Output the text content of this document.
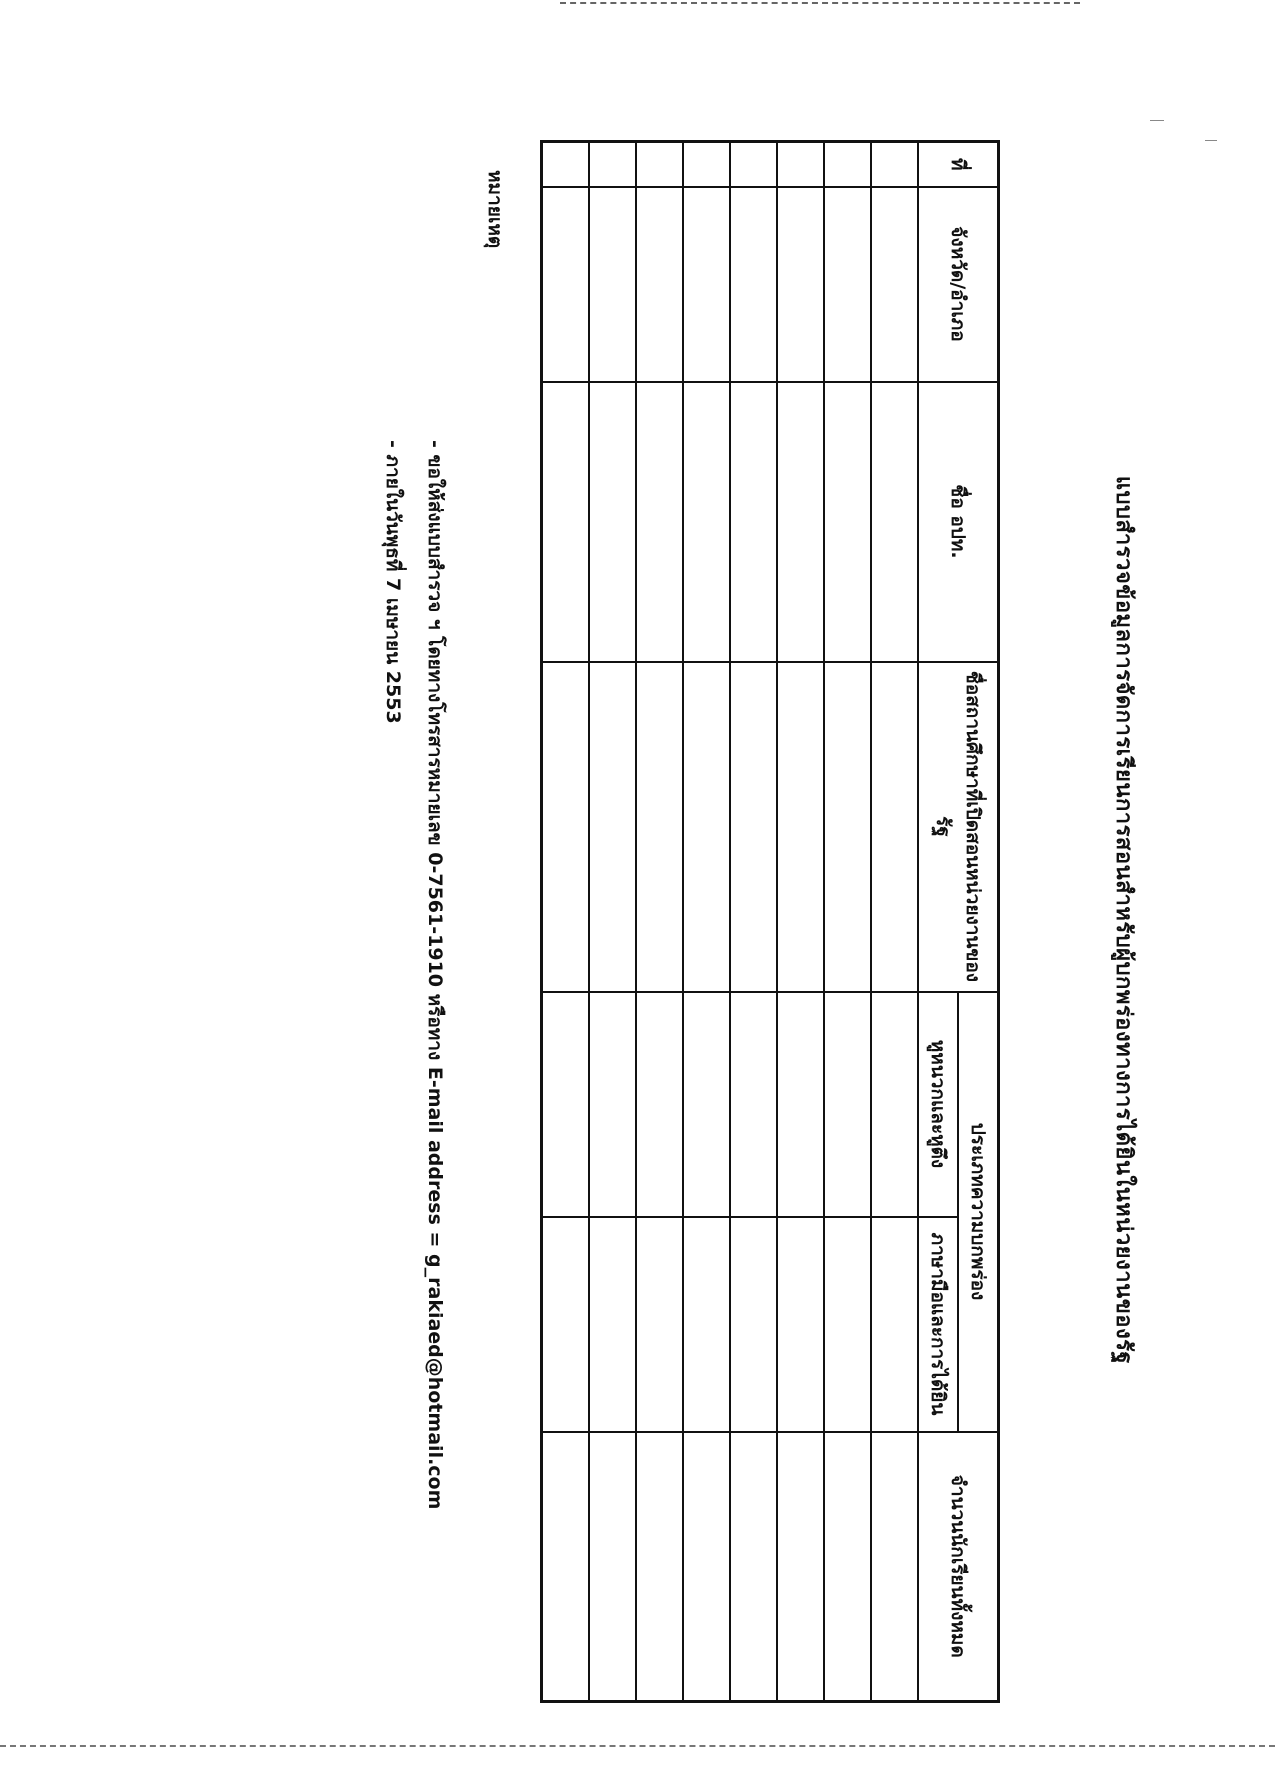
แบบสำรวจข้อมูลการจัดการเรียนการสอนสำหรับผู้บกพร่องทางการได้ยินในหน่วยงานของรัฐ
ที่	จังหวัด/อำเภอ	ชื่อ อปท.	ชื่อสถานศึกษาที่เปิดสอนหน่วยงานของรัฐ	ประเภทความบกพร่อง		จำนวนนักเรียนทั้งหมด
				หูหนวกและหูตึง	ภาษามือและการได้ยิน	

หมายเหตุ
- ขอให้ส่งแบบสำรวจ ฯ โดยทางโทรสารหมายเลข 0-7561-1910 หรือทาง E-mail address = g_rakiaed@hotmail.com
- ภายในวันพุธที่ 7 เมษายน 2553
